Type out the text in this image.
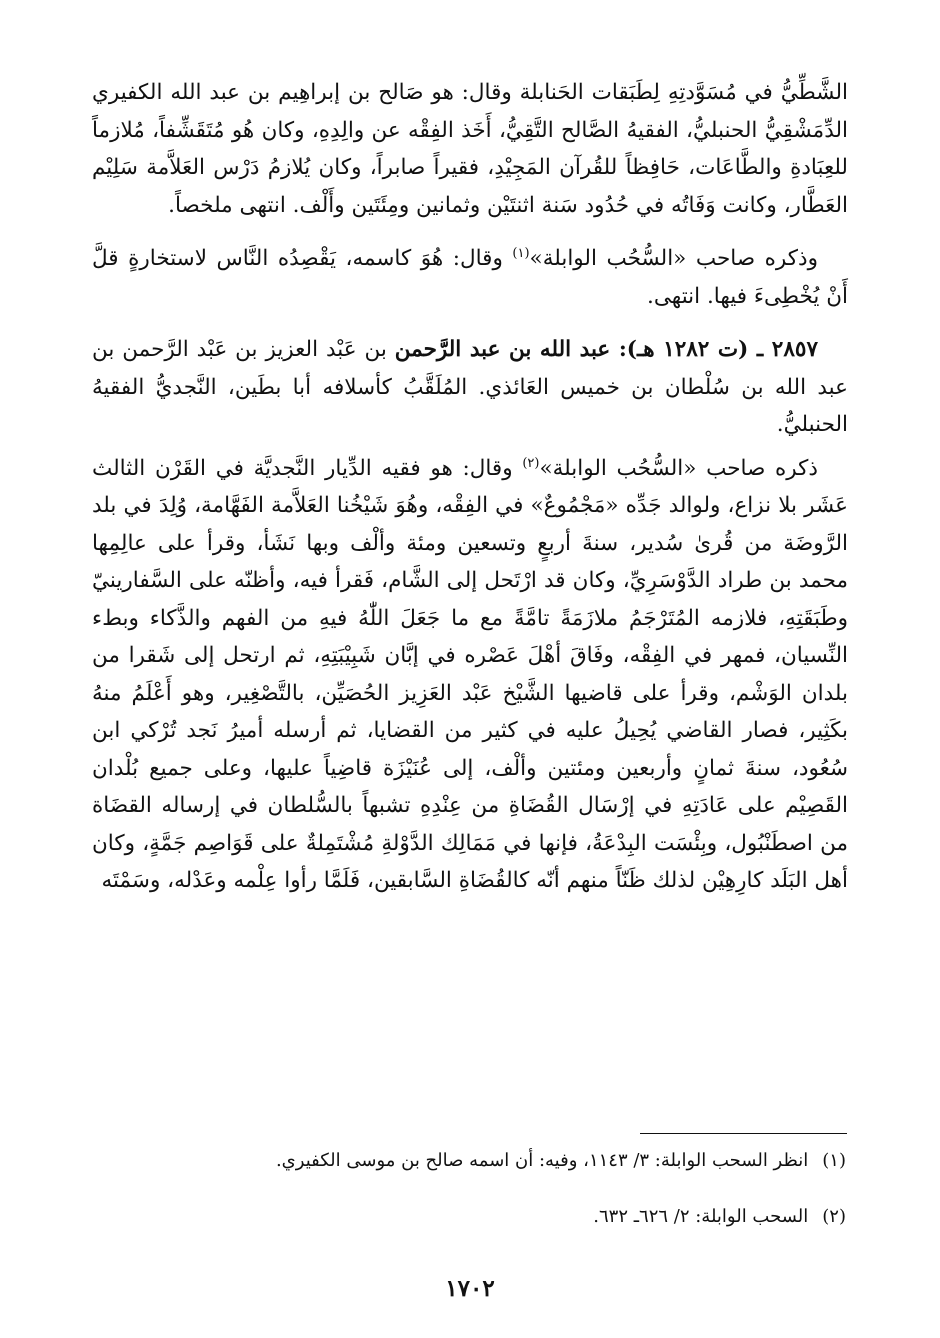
الشَّطِّيُّ في مُسَوَّدتِهِ لِطَبَقات الحَنابلة وقال: هو صَالح بن إبراهِيم بن عبد الله الكفيري الدِّمَشْقِيُّ الحنبليُّ، الفقيهُ الصَّالح التَّقِيُّ، أَخَذ الفِقْه عن والِدِهِ، وكان هُو مُتَقَشِّفاً، مُلازماً للعِبَادةِ والطَّاعَات، حَافِظاً للقُرآن المَجِيْدِ، فقيراً صابراً، وكان يُلازمُ دَرْس العَلاَّمة سَلِيْم العَطَّار، وكانت وَفَاتُه في حُدُود سَنة اثنتَيْن وثمانين ومِئَتَين وأَلْف. انتهى ملخصاً.

وذكره صاحب «السُّحُب الوابلة»$^{(١)}$ وقال: هُوَ كاسمه، يَقْصِدُه النَّاس لاستخارةٍ قلَّ أَنْ يُخْطِىءَ فيها. انتهى.

٢٨٥٧ ـ (ت ١٢٨٢ هـ): عبد الله بن عبد الرَّحمن بن عَبْد العزيز بن عَبْد الرَّحمن بن عبد الله بن سُلْطان بن خميس العَائذي. المُلَقَّبُ كأسلافه أبا بطَين، النَّجديُّ الفقيهُ الحنبليُّ.

ذكره صاحب «السُّحُب الوابلة»$^{(٢)}$ وقال: هو فقيه الدِّيار النَّجديَّة في القَرْن الثالث عَشَر بلا نزاع، ولوالد جَدِّه «مَجْمُوعٌ» في الفِقْه، وهُوَ شَيْخُنا العَلاَّمة الفَهَّامة، وُلِدَ في بلد الرَّوضَة من قُرىٰ سُدير، سنةَ أربعٍ وتسعين ومئة وألْف وبها نَشَأ، وقرأ على عالِمِها محمد بن طراد الدَّوْسَرِيِّ، وكان قد ارْتَحل إلى الشَّام، فَقرأ فيه، وأظنّه على السَّفارينيّ وطَبَقَتِهِ، فلازمه المُتَرْجَمُ ملازَمَةً تامَّةً مع ما جَعَلَ اللّٰهُ فيهِ من الفهم والذَّكاء وبطء النِّسيان، فمهر في الفِقْه، وفَاقَ أهْلَ عَصْره في إبَّان شَبِيْبَتِهِ، ثم ارتحل إلى شَقرا من بلدان الوَشْم، وقرأ على قاضيها الشَّيْخ عَبْد العَزِيز الحُصَيِّن، بالتَّصْغِير، وهو أَعْلَمُ منهُ بكَثِير، فصار القاضي يُحِيلُ عليه في كثير من القضايا، ثم أرسله أميرُ نَجد تُرْكي ابن سُعُود، سنةَ ثمانٍ وأربعين ومئتين وألْف، إلى عُنَيْزَة قاضِياً عليها، وعلى جميع بُلْدان القَصِيْم على عَادَتِهِ في إرْسَال القُضَاةِ من عِنْدِهِ تشبهاً بالسُّلطان في إرساله القضَاة من اصطَنْبُول، وبِئْسَت البِدْعَةُ، فإنها في مَمَالِك الدَّوْلةِ مُشْتَمِلةٌ على قَوَاصِم جَمَّةٍ، وكان أهل البَلَد كارِهِيْن لذلك ظَنّاً منهم أنّه كالقُضَاةِ السَّابقين، فَلَمَّا رأوا عِلْمه وعَدْله، وسَمْتَه

(١)انظر السحب الوابلة: ٣/ ١١٤٣، وفيه: أن اسمه صالح بن موسى الكفيري.

(٢)السحب الوابلة: ٢/ ٦٢٦ـ ٦٣٢.

١٧٠٢
